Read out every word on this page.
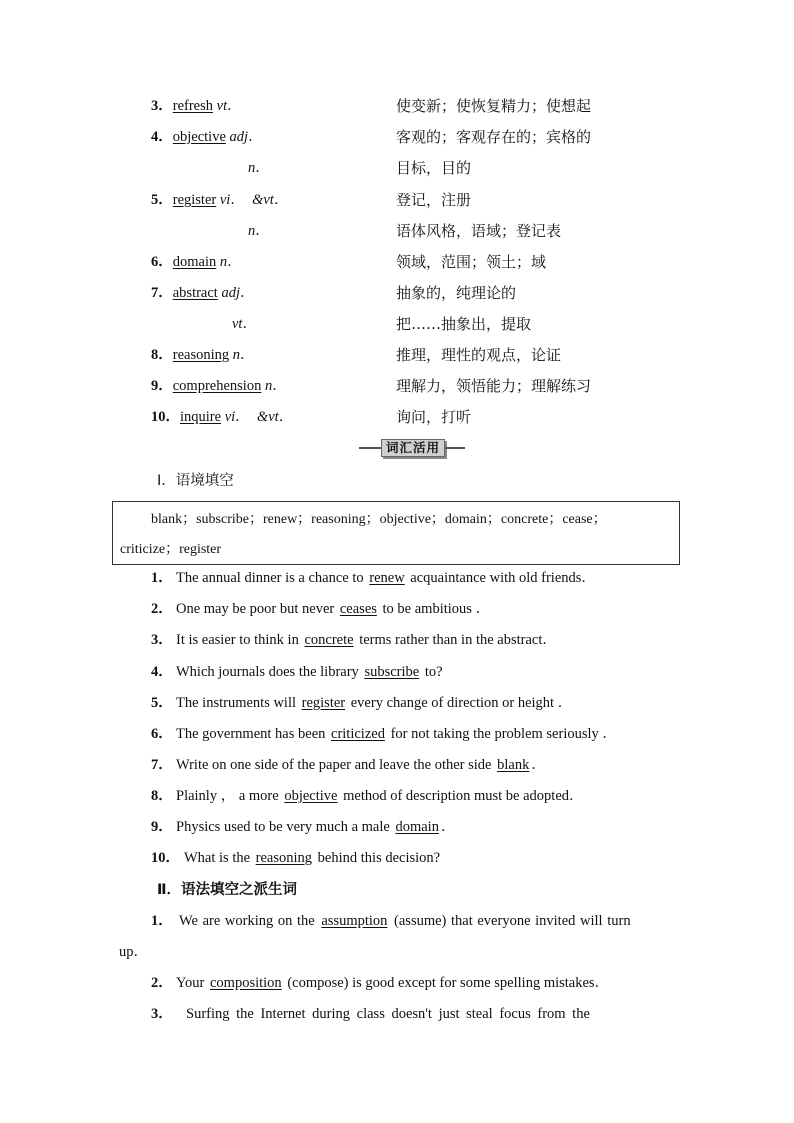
3．refresh vt．	使变新；使恢复精力；使想起
4．objective adj．	客观的；客观存在的；宾格的
n．	目标，目的
5．register vi． &vt．	登记，注册
n．	语体风格，语域；登记表
6．domain n．	领域，范围；领土；域
7．abstract adj．	抽象的，纯理论的
vt．	把……抽象出，提取
8．reasoning n．	推理，理性的观点，论证
9．comprehension n．	理解力，领悟能力；理解练习
10．inquire vi． &vt．	询问，打听
词汇活用
Ⅰ．语境填空
blank；subscribe；renew；reasoning；objective；domain；concrete；cease；
criticize；register
1． The annual dinner is a chance to renew acquaintance with old friends．
2． One may be poor but never ceases to be ambitious ．
3． It is easier to think in concrete terms rather than in the abstract．
4． Which journals does the library subscribe to?
5． The instruments will register every change of direction or height ．
6． The government has been criticized for not taking the problem seriously ．
7． Write on one side of the paper and leave the other side blank ．
8． Plainly ， a more objective method of description must be adopted．
9． Physics used to be very much a male domain ．
10． What is the reasoning behind this decision?
Ⅱ．语法填空之派生词
1． We are working on the assumption (assume) that everyone invited will turn
up．
2． Your composition (compose) is good except for some spelling mistakes．
3． Surfing the Internet during class doesn't just steal focus from the
